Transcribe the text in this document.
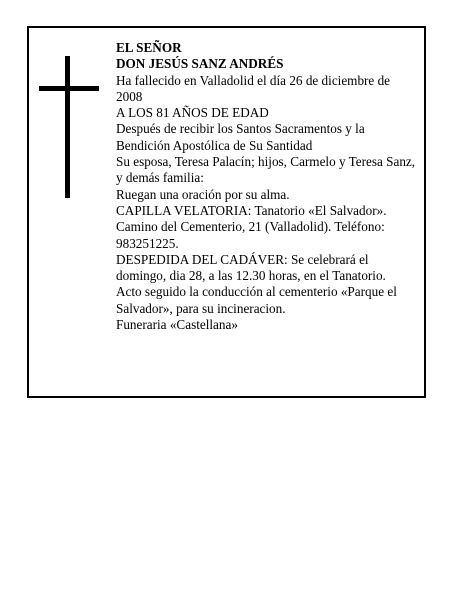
EL SEÑOR

DON JESÚS SANZ ANDRÉS

Ha fallecido en Valladolid el día 26 de diciembre de 2008

A LOS 81 AÑOS DE EDAD

Después de recibir los Santos Sacramentos y la Bendición Apostólica de Su Santidad

Su esposa, Teresa Palacín; hijos, Carmelo y Teresa Sanz, y demás familia:

Ruegan una oración por su alma.

CAPILLA VELATORIA: Tanatorio «El Salvador». Camino del Cementerio, 21 (Valladolid). Teléfono: 983251225.

DESPEDIDA DEL CADÁVER: Se celebrará el domingo, dia 28, a las 12.30 horas, en el Tanatorio.

Acto seguido la conducción al cementerio «Parque el Salvador», para su incineracion.

Funeraria «Castellana»
